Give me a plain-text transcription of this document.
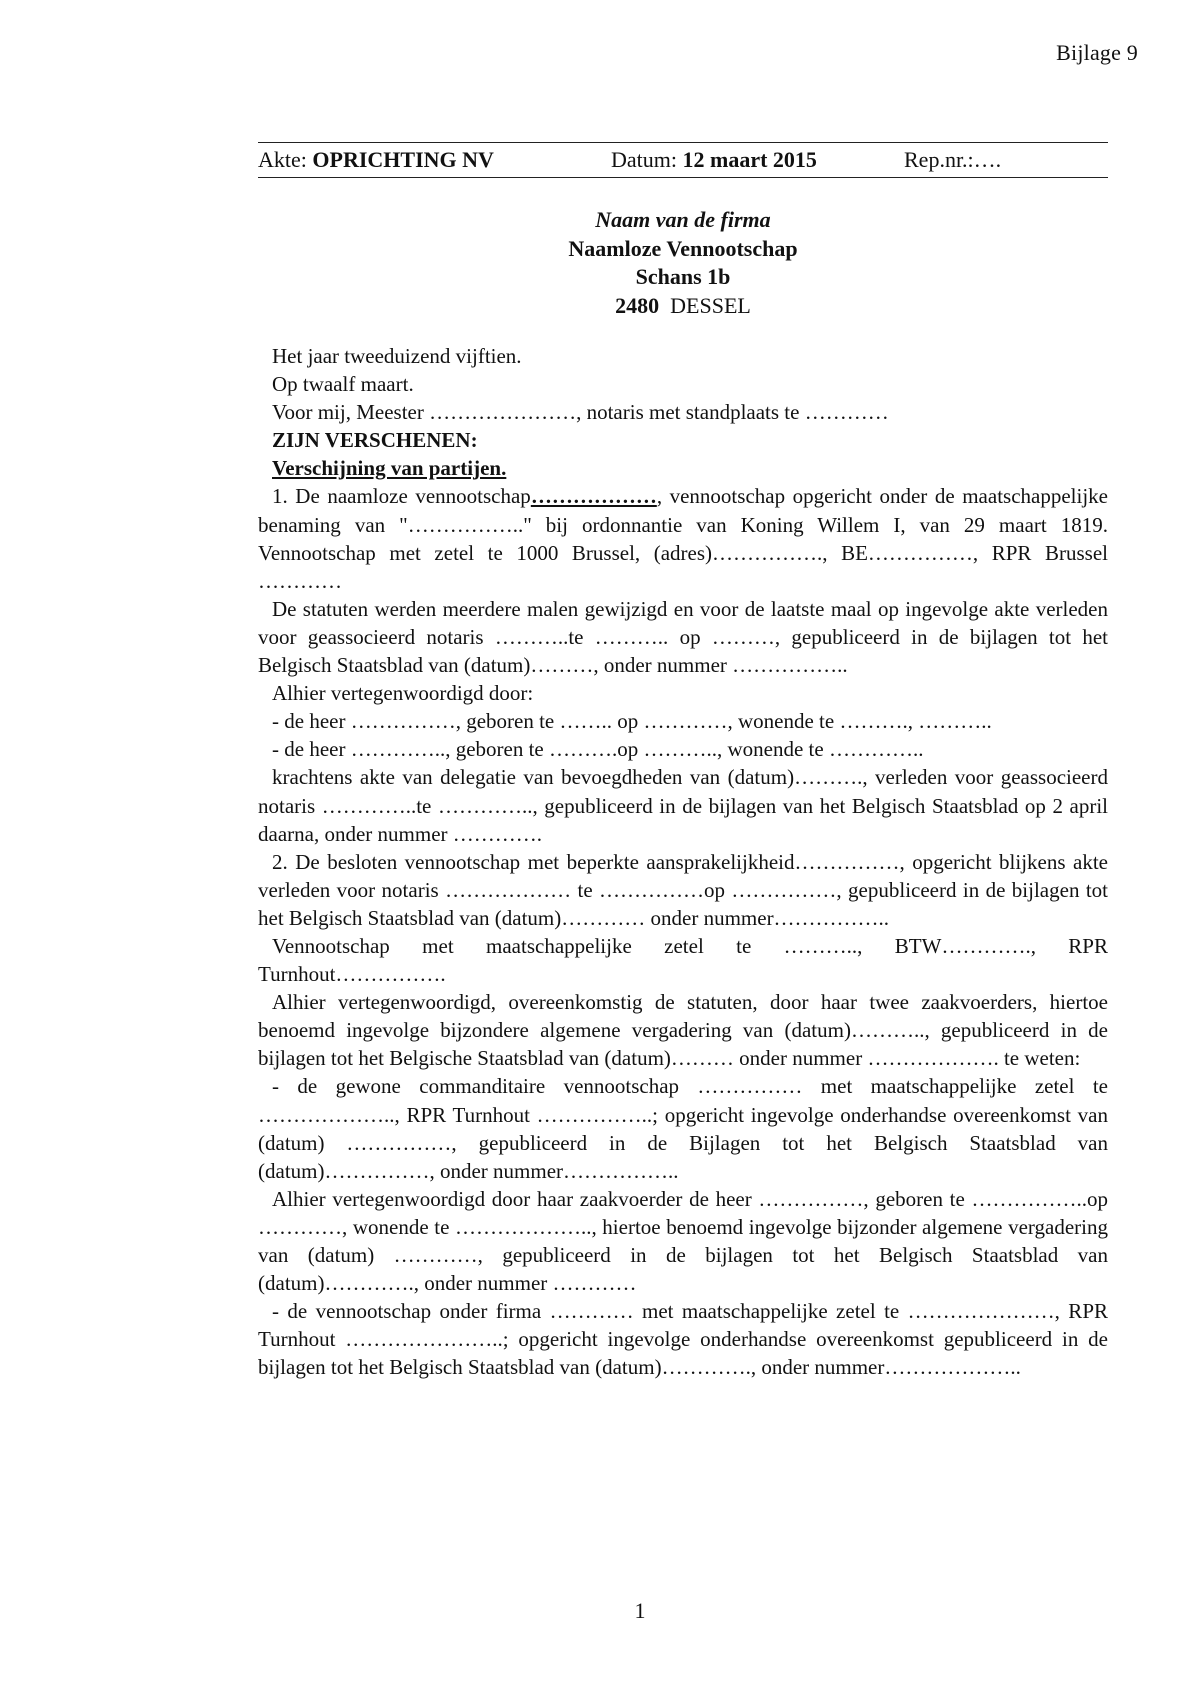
Bijlage 9
Akte: OPRICHTING NV	Datum: 12 maart 2015	Rep.nr.:….
Naam van de firma
Naamloze Vennootschap
Schans 1b
2480 DESSEL

Het jaar tweeduizend vijftien.

Op twaalf maart.

Voor mij, Meester …………………, notaris met standplaats te …………

ZIJN VERSCHENEN:

Verschijning van partijen.

1. De naamloze vennootschap………………, vennootschap opgericht onder de maatschappelijke benaming van "…………….." bij ordonnantie van Koning Willem I, van 29 maart 1819. Vennootschap met zetel te 1000 Brussel, (adres)……………., BE……………, RPR Brussel …………

De statuten werden meerdere malen gewijzigd en voor de laatste maal op ingevolge akte verleden voor geassocieerd notaris ………..te ……….. op ………, gepubliceerd in de bijlagen tot het Belgisch Staatsblad van (datum)………, onder nummer ……………..

Alhier vertegenwoordigd door:

- de heer ……………, geboren te …….. op …………, wonende te ………., ………..

- de heer ………….., geboren te ……….op ……….., wonende te …………..

krachtens akte van delegatie van bevoegdheden van (datum)………., verleden voor geassocieerd notaris …………..te ………….., gepubliceerd in de bijlagen van het Belgisch Staatsblad op 2 april daarna, onder nummer ………….

2. De besloten vennootschap met beperkte aansprakelijkheid……………, opgericht blijkens akte verleden voor notaris ……………… te ……………op ……………, gepubliceerd in de bijlagen tot het Belgisch Staatsblad van (datum)………… onder nummer……………..

Vennootschap met maatschappelijke zetel te ……….., BTW…………., RPR Turnhout…………….

Alhier vertegenwoordigd, overeenkomstig de statuten, door haar twee zaakvoerders, hiertoe benoemd ingevolge bijzondere algemene vergadering van (datum)……….., gepubliceerd in de bijlagen tot het Belgische Staatsblad van (datum)……… onder nummer ………………. te weten:

- de gewone commanditaire vennootschap …………… met maatschappelijke zetel te ……………….., RPR Turnhout ……………..; opgericht ingevolge onderhandse overeenkomst van (datum) ……………, gepubliceerd in de Bijlagen tot het Belgisch Staatsblad van (datum)……………, onder nummer……………..

Alhier vertegenwoordigd door haar zaakvoerder de heer ……………, geboren te ……………..op …………, wonende te ……………….., hiertoe benoemd ingevolge bijzonder algemene vergadering van (datum) …………, gepubliceerd in de bijlagen tot het Belgisch Staatsblad van (datum)…………., onder nummer …………

- de vennootschap onder firma ………… met maatschappelijke zetel te …………………, RPR Turnhout …………………..; opgericht ingevolge onderhandse overeenkomst gepubliceerd in de bijlagen tot het Belgisch Staatsblad van (datum)…………., onder nummer………………..

1
